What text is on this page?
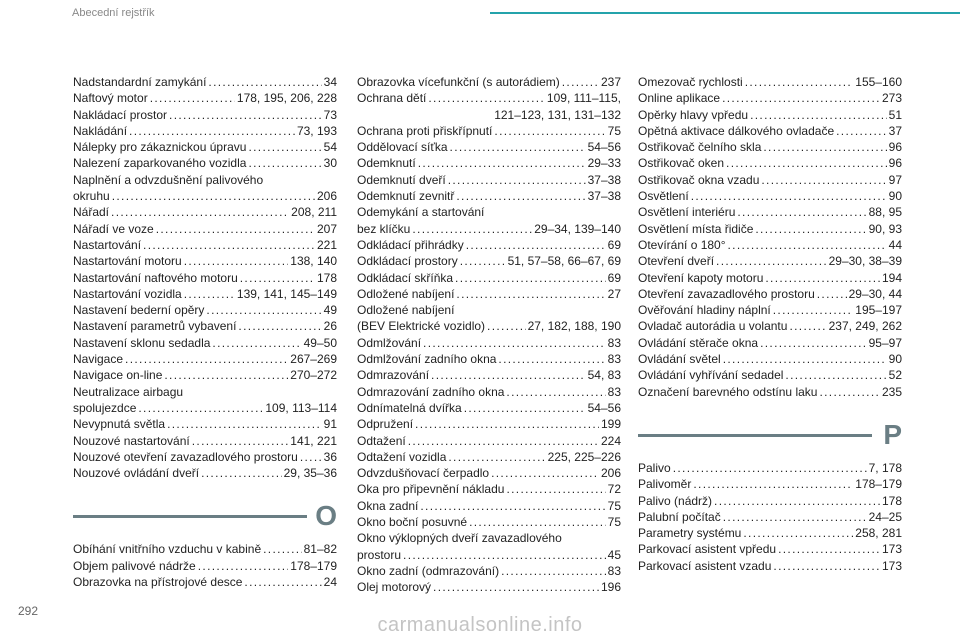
Abecední rejstřík
Nadstandardní zamykání . . .	34
Naftový motor . . .	178, 195, 206, 228
Nakládací prostor . . .	73
Nakládání . . .	73, 193
Nálepky pro zákaznickou úpravu . . .	54
Nalezení zaparkovaného vozidla . . .	30
Naplnění a odvzdušnění palivového
okruhu . . .	206
Nářadí . . .	208, 211
Nářadí ve voze . . .	207
Nastartování . . .	221
Nastartování motoru . . .	138, 140
Nastartování naftového motoru . . .	178
Nastartování vozidla . . .	139, 141, 145–149
Nastavení bederní opěry . . .	49
Nastavení parametrů vybavení . . .	26
Nastavení sklonu sedadla . . .	49–50
Navigace . . .	267–269
Navigace on-line . . .	270–272
Neutralizace airbagu
spolujezdce . . .	109, 113–114
Nevypnutá světla . . .	91
Nouzové nastartování . . .	141, 221
Nouzové otevření zavazadlového prostoru . . . 36
Nouzové ovládání dveří . . .	29, 35–36
O
Obíhání vnitřního vzduchu v kabině . . .	81–82
Objem palivové nádrže . . .	178–179
Obrazovka na přístrojové desce . . .	24
Obrazovka vícefunkční (s autorádiem) . . .	237
Ochrana dětí . . .	109, 111–115,
121–123, 131, 131–132
Ochrana proti přiskřípnutí . . .	75
Oddělovací síťka . . .	54–56
Odemknutí . . .	29–33
Odemknutí dveří . . .	37–38
Odemknutí zevnitř . . .	37–38
Odemykání a startování
bez klíčku . . .	29–34, 139–140
Odkládací přihrádky . . .	69
Odkládací prostory . . .	51, 57–58, 66–67, 69
Odkládací skříňka . . .	69
Odložené nabíjení . . .	27
Odložené nabíjení
(BEV Elektrické vozidlo) . . .	27, 182, 188, 190
Odmlžování . . .	83
Odmlžování zadního okna . . .	83
Odmrazování . . .	54, 83
Odmrazování zadního okna . . .	83
Odnímatelná dvířka . . .	54–56
Odpružení . . .	199
Odtažení . . .	224
Odtažení vozidla . . .	225, 225–226
Odvzdušňovací čerpadlo . . .	206
Oka pro připevnění nákladu . . .	72
Okna zadní . . .	75
Okno boční posuvné . . .	75
Okno výklopných dveří zavazadlového
prostoru . . .	45
Okno zadní (odmrazování) . . .	83
Olej motorový . . .	196
Omezovač rychlosti . . .	155–160
Online aplikace . . .	273
Opěrky hlavy vpředu . . .	51
Opětná aktivace dálkového ovladače . . .	37
Ostřikovač čelního skla . . .	96
Ostřikovač oken . . .	96
Ostřikovač okna vzadu . . .	97
Osvětlení . . .	90
Osvětlení interiéru . . .	88, 95
Osvětlení místa řidiče . . .	90, 93
Otevírání o 180° . . .	44
Otevření dveří . . .	29–30, 38–39
Otevření kapoty motoru . . .	194
Otevření zavazadlového prostoru . . .	29–30, 44
Ověřování hladiny náplní . . .	195–197
Ovladač autorádia u volantu . . .	237, 249, 262
Ovládání stěrače okna . . .	95–97
Ovládání světel . . .	90
Ovládání vyhřívání sedadel . . .	52
Označení barevného odstínu laku . . .	235
P
Palivo . . .	7, 178
Palivoměr . . .	178–179
Palivo (nádrž) . . .	178
Palubní počítač . . .	24–25
Parametry systému . . .	258, 281
Parkovací asistent vpředu . . .	173
Parkovací asistent vzadu . . .	173
292
carmanualsonline.info
